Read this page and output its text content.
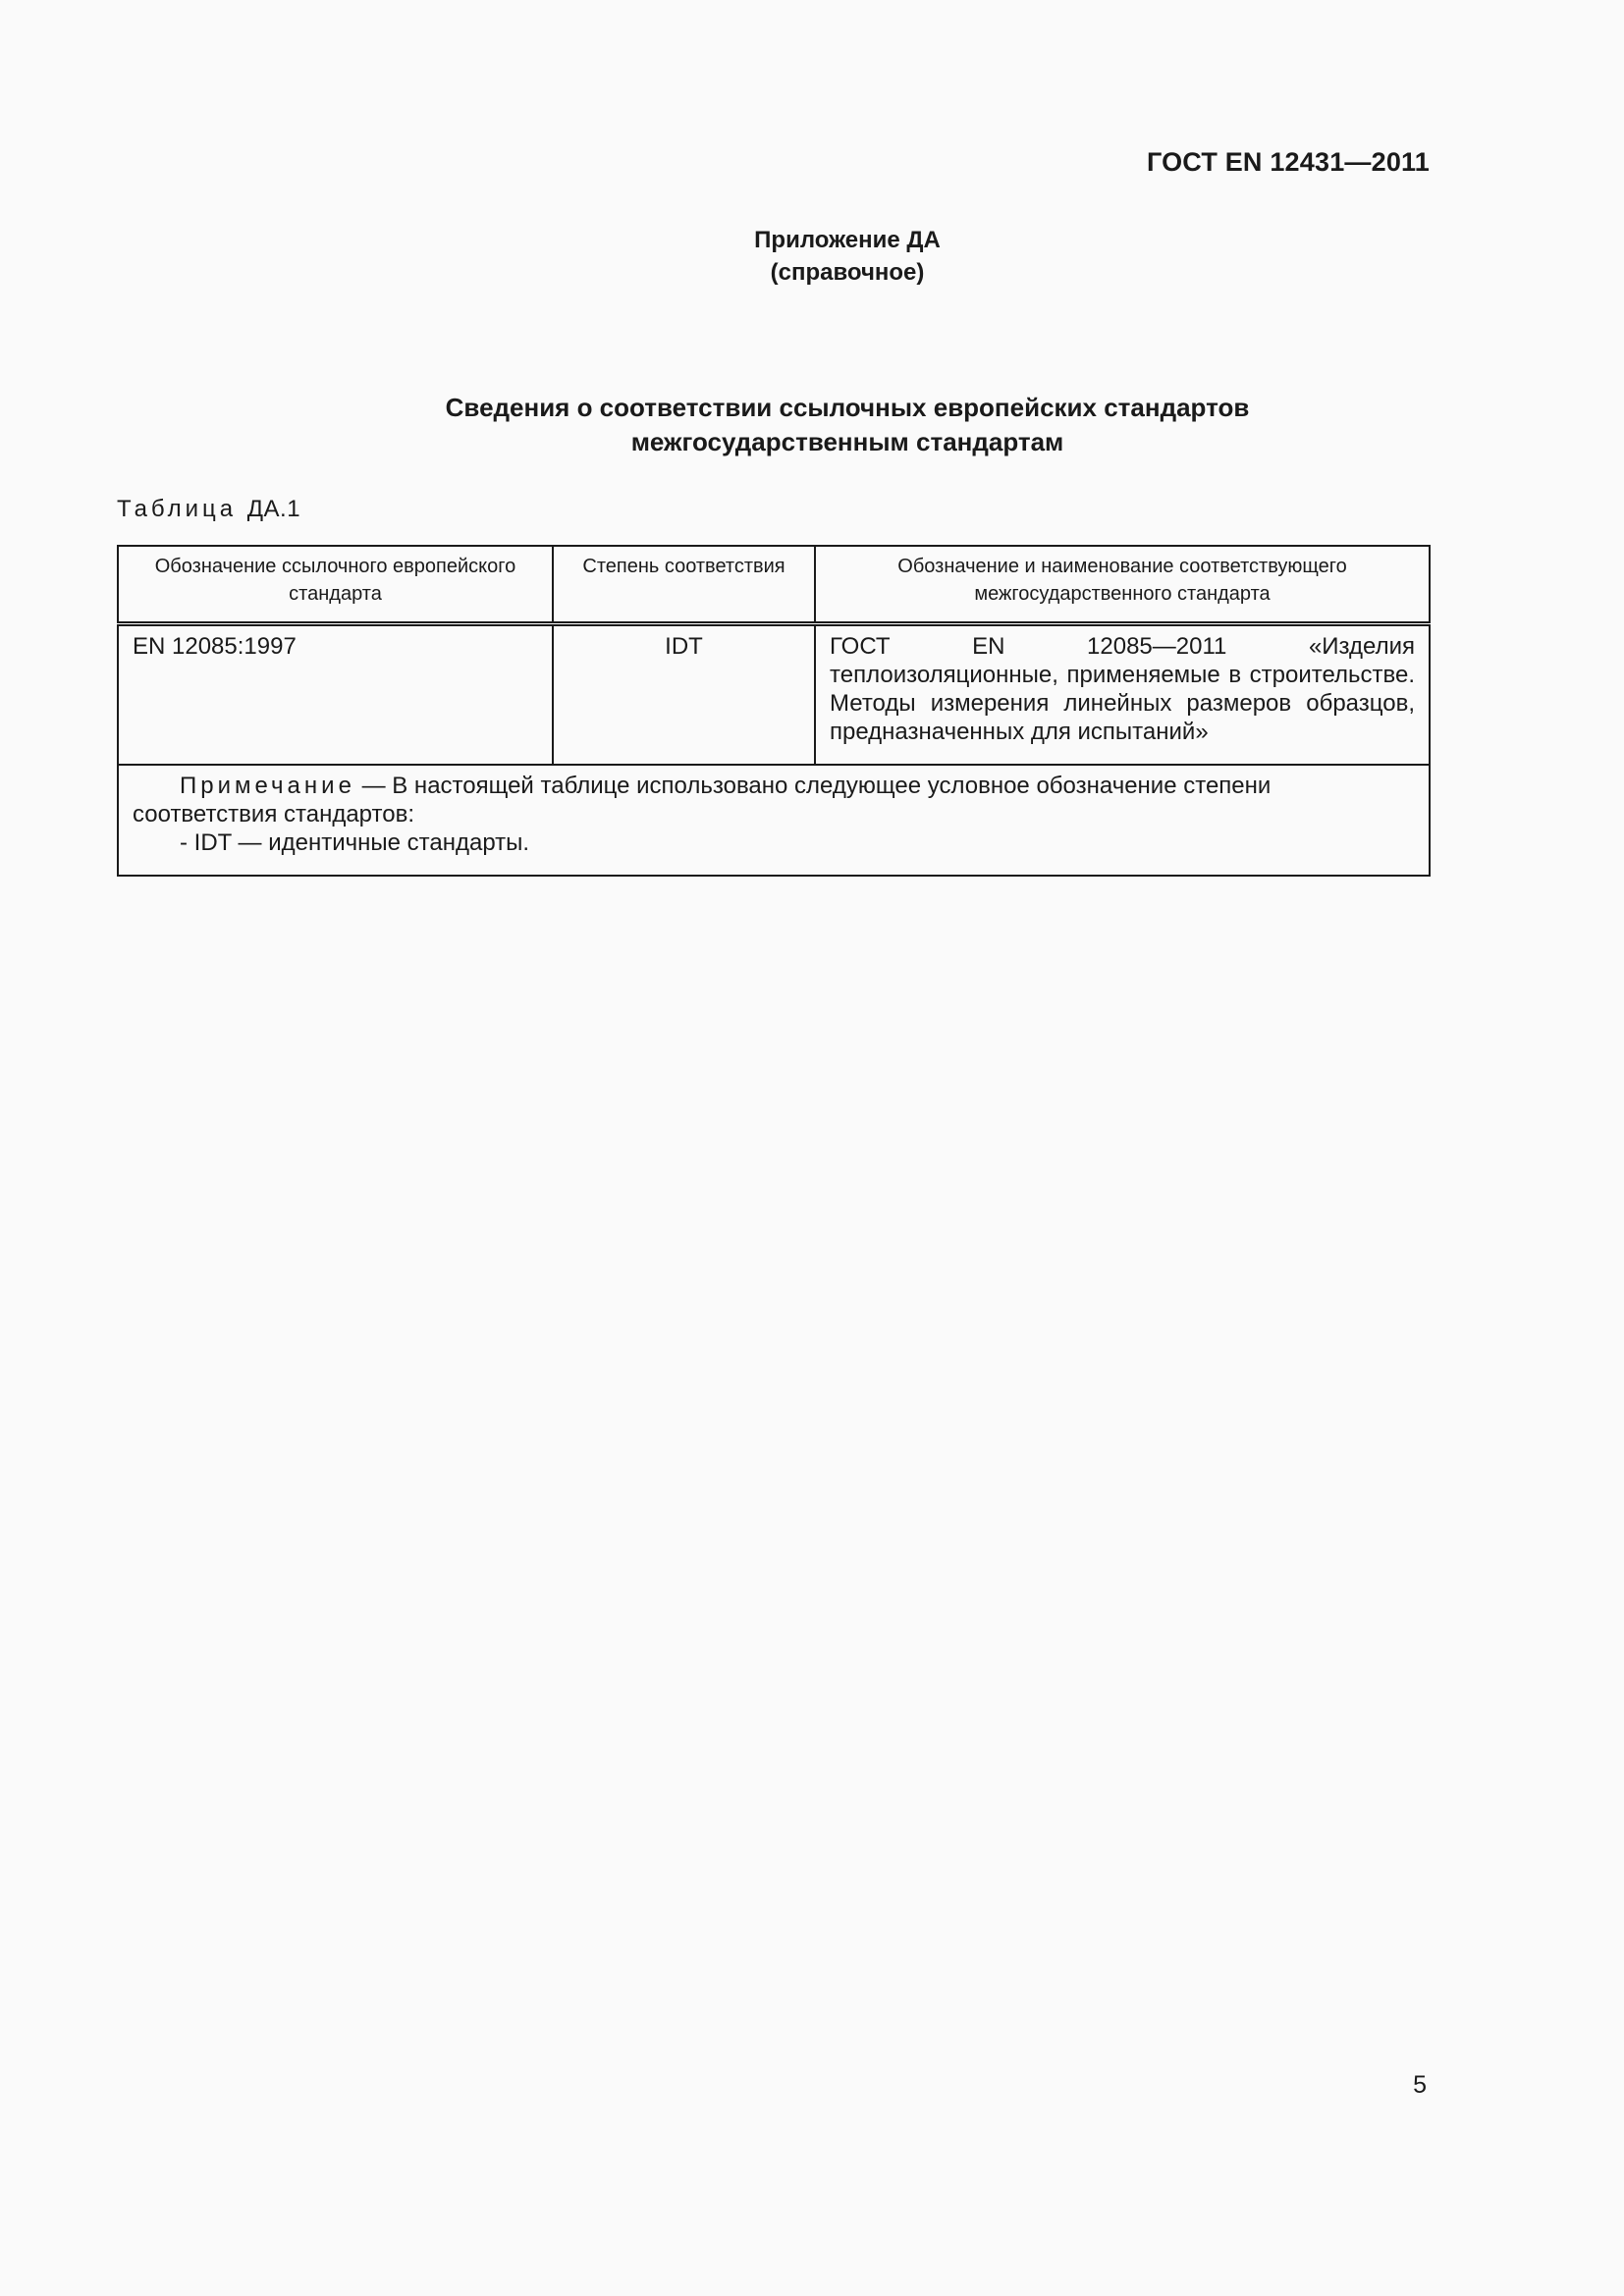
ГОСТ EN 12431—2011
Приложение ДА
(справочное)
Сведения о соответствии ссылочных европейских стандартов
межгосударственным стандартам
Таблица ДА.1
Обозначение ссылочного европейского стандарта	Степень соответствия	Обозначение и наименование соответствующего межгосударственного стандарта
EN 12085:1997	IDT	ГОСТ EN 12085—2011 «Изделия теплоизоляционные, применяемые в строительстве. Методы измерения линейных размеров образцов, предназначенных для испытаний»

Примечание — В настоящей таблице использовано следующее условное обозначение степени соответствия стандартов:
- IDT — идентичные стандарты.		
5
